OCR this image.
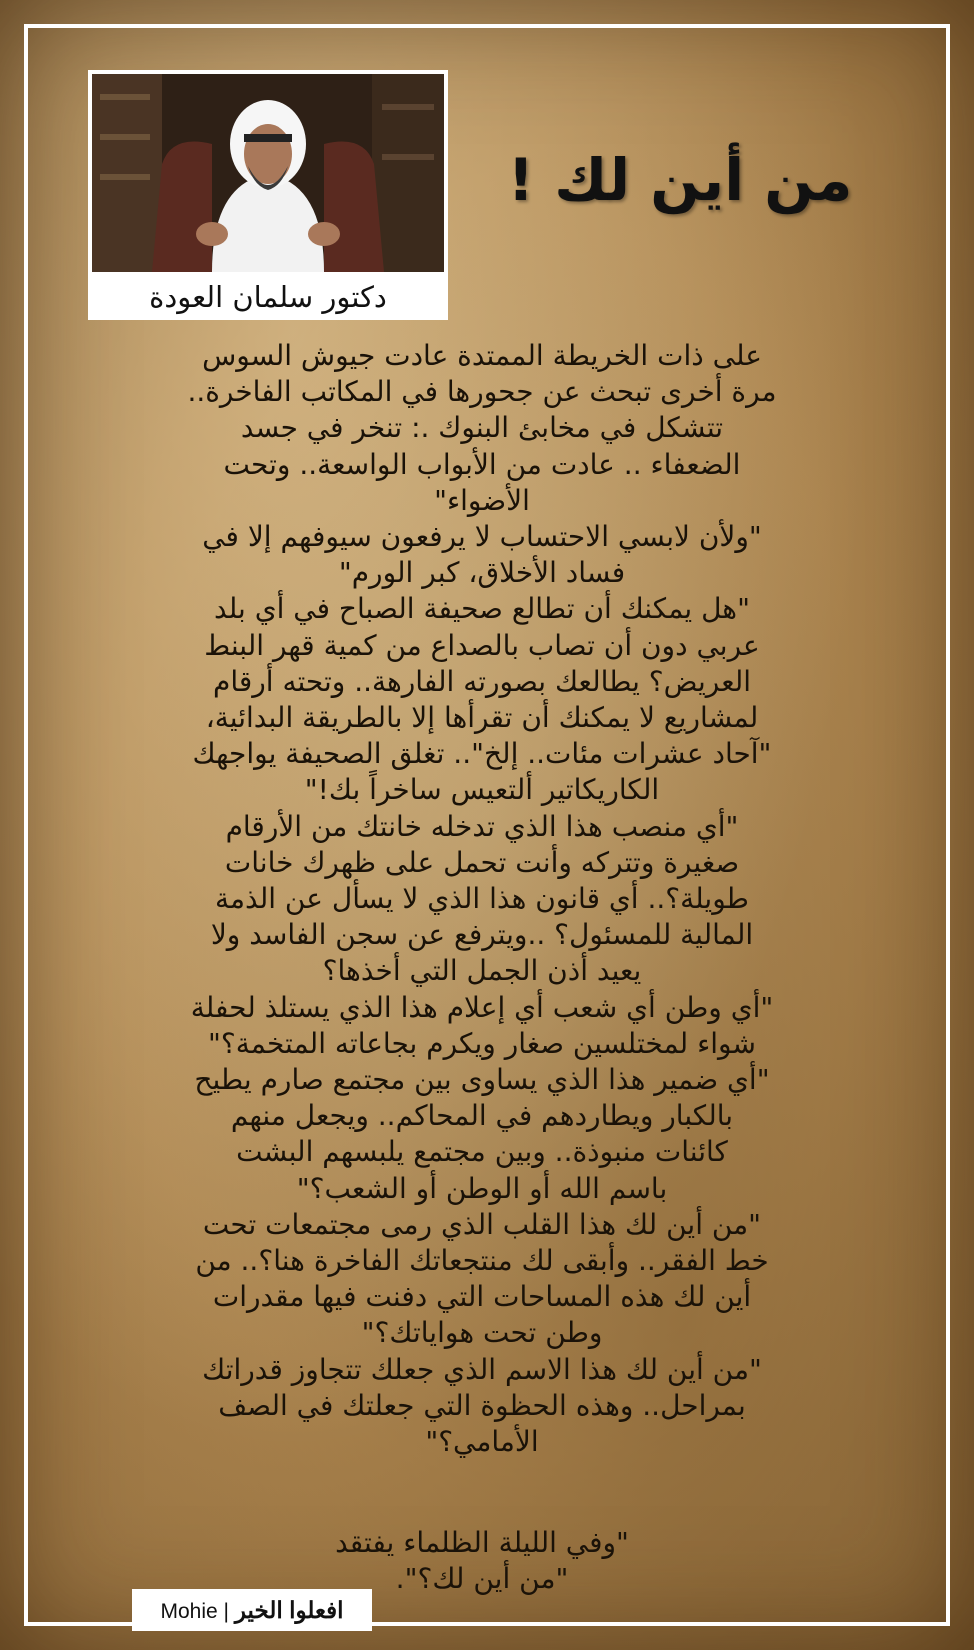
دكتور سلمان العودة
من أين لك !
على ذات الخريطة الممتدة عادت جيوش السوس
مرة أخرى تبحث عن جحورها في المكاتب الفاخرة..
تتشكل في مخابئ البنوك .: تنخر في جسد
الضعفاء .. عادت من الأبواب الواسعة.. وتحت
الأضواء"
"ولأن لابسي الاحتساب لا يرفعون سيوفهم إلا في
فساد الأخلاق، كبر الورم"
"هل يمكنك أن تطالع صحيفة الصباح في أي بلد
عربي دون أن تصاب بالصداع من كمية قهر البنط
العريض؟ يطالعك بصورته الفارهة.. وتحته أرقام
لمشاريع لا يمكنك أن تقرأها إلا بالطريقة البدائية،
"آحاد عشرات مئات.. إلخ".. تغلق الصحيفة يواجهك
الكاريكاتير ألتعيس ساخراً بك!"
"أي منصب هذا الذي تدخله خانتك من الأرقام
صغيرة وتتركه وأنت تحمل على ظهرك خانات
طويلة؟.. أي قانون هذا الذي لا يسأل عن الذمة
المالية للمسئول؟ ..ويترفع عن سجن الفاسد ولا
يعيد أذن الجمل التي أخذها؟
"أي وطن أي شعب أي إعلام هذا الذي يستلذ لحفلة
شواء لمختلسين صغار ويكرم بجاعاته المتخمة؟"
"أي ضمير هذا الذي يساوى بين مجتمع صارم يطيح
بالكبار ويطاردهم في المحاكم.. ويجعل منهم
كائنات منبوذة.. وبين مجتمع يلبسهم البشت
باسم الله أو الوطن أو الشعب؟"
"من أين لك هذا القلب الذي رمى مجتمعات تحت
خط الفقر.. وأبقى لك منتجعاتك الفاخرة هنا؟.. من
أين لك هذه المساحات التي دفنت فيها مقدرات
وطن تحت هواياتك؟"
"من أين لك هذا الاسم الذي جعلك تتجاوز قدراتك
بمراحل.. وهذه الحظوة التي جعلتك في الصف
الأمامي؟"
"وفي الليلة الظلماء يفتقد
"من أين لك؟".
Mohie | افعلوا الخير
